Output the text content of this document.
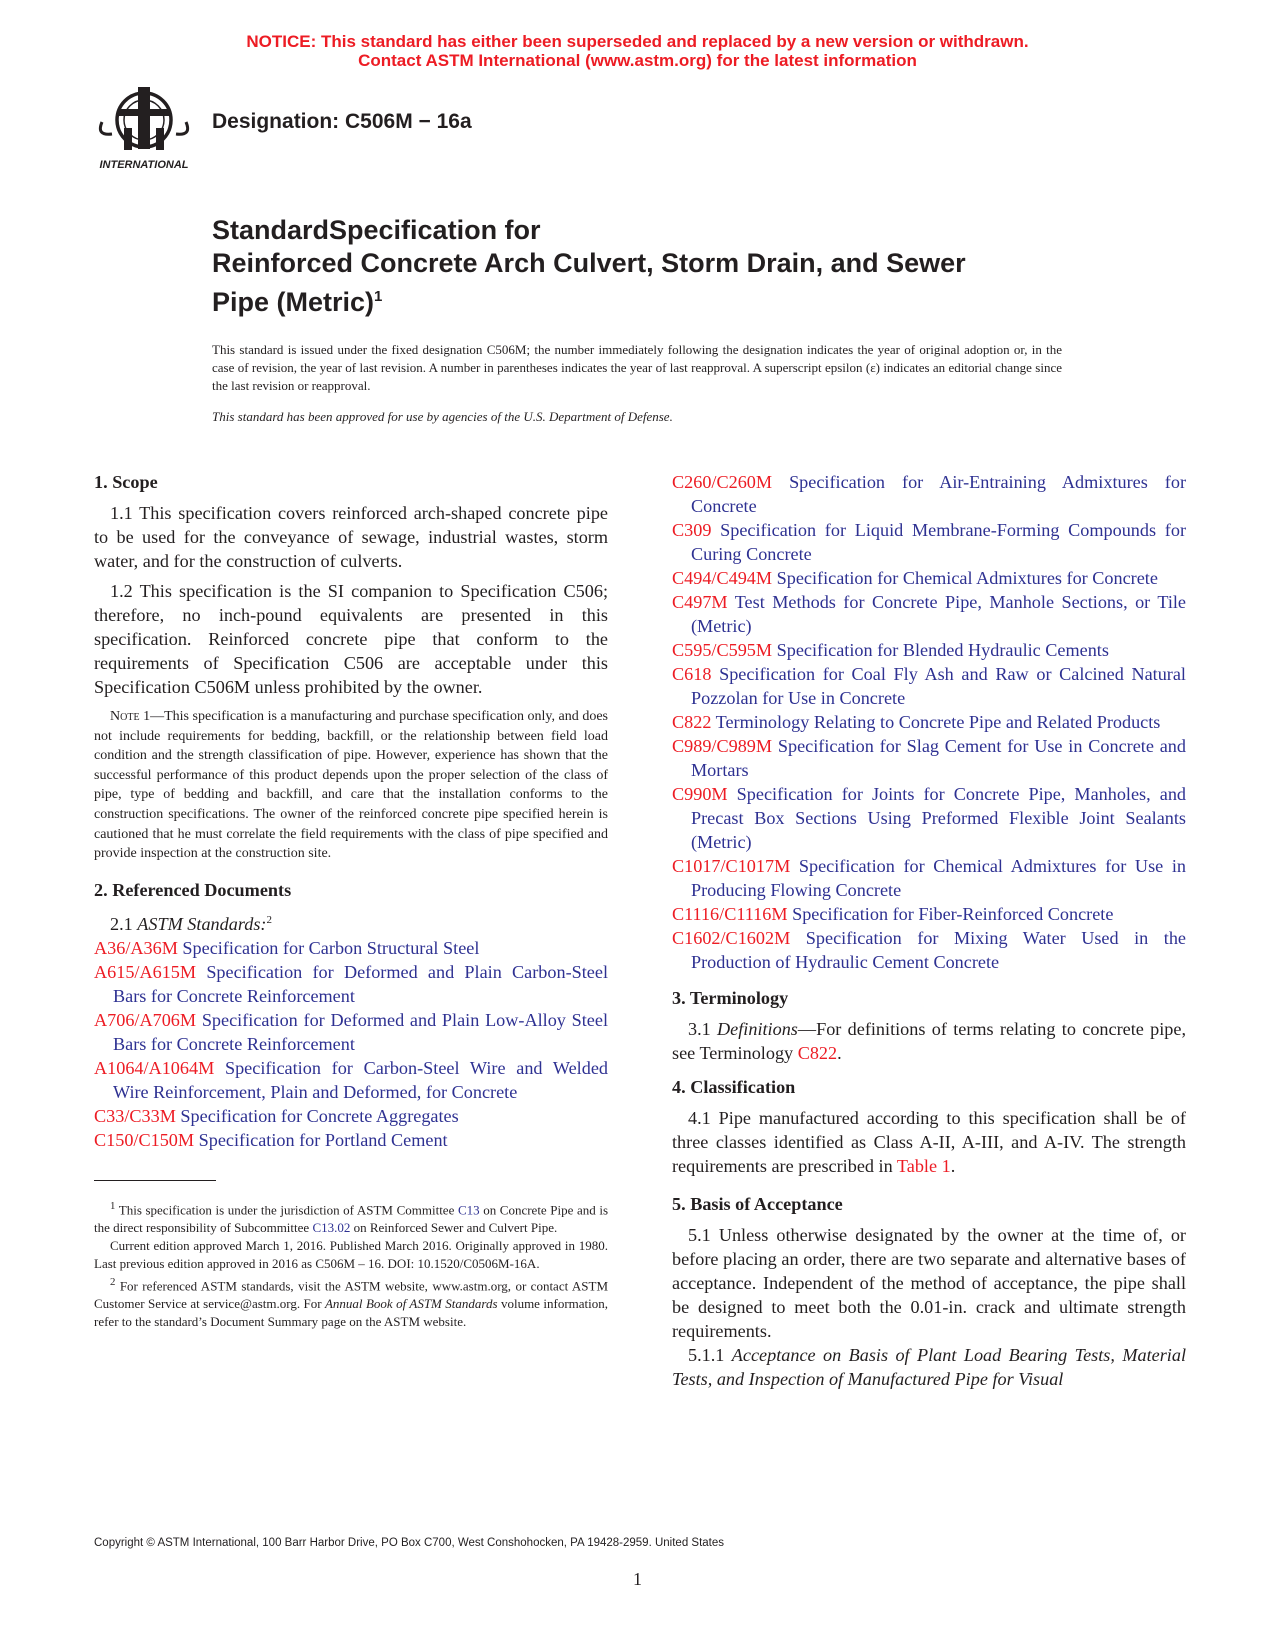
NOTICE: This standard has either been superseded and replaced by a new version or withdrawn.
Contact ASTM International (www.astm.org) for the latest information
INTERNATIONAL
Designation: C506M − 16a
StandardSpecification for
Reinforced Concrete Arch Culvert, Storm Drain, and Sewer
Pipe (Metric)$^1$
This standard is issued under the fixed designation C506M; the number immediately following the designation indicates the year of original adoption or, in the case of revision, the year of last revision. A number in parentheses indicates the year of last reapproval. A superscript epsilon (ε) indicates an editorial change since the last revision or reapproval.
This standard has been approved for use by agencies of the U.S. Department of Defense.

1. Scope

1.1 This specification covers reinforced arch-shaped concrete pipe to be used for the conveyance of sewage, industrial wastes, storm water, and for the construction of culverts.

1.2 This specification is the SI companion to Specification C506; therefore, no inch-pound equivalents are presented in this specification. Reinforced concrete pipe that conform to the requirements of Specification C506 are acceptable under this Specification C506M unless prohibited by the owner.

Note 1—This specification is a manufacturing and purchase specification only, and does not include requirements for bedding, backfill, or the relationship between field load condition and the strength classification of pipe. However, experience has shown that the successful performance of this product depends upon the proper selection of the class of pipe, type of bedding and backfill, and care that the installation conforms to the construction specifications. The owner of the reinforced concrete pipe specified herein is cautioned that he must correlate the field requirements with the class of pipe specified and provide inspection at the construction site.

2. Referenced Documents

2.1 ASTM Standards:$^2$

A36/A36M Specification for Carbon Structural Steel

A615/A615M Specification for Deformed and Plain Carbon-Steel Bars for Concrete Reinforcement

A706/A706M Specification for Deformed and Plain Low-Alloy Steel Bars for Concrete Reinforcement

A1064/A1064M Specification for Carbon-Steel Wire and Welded Wire Reinforcement, Plain and Deformed, for Concrete

C33/C33M Specification for Concrete Aggregates

C150/C150M Specification for Portland Cement

$^1$ This specification is under the jurisdiction of ASTM Committee C13 on Concrete Pipe and is the direct responsibility of Subcommittee C13.02 on Reinforced Sewer and Culvert Pipe.

Current edition approved March 1, 2016. Published March 2016. Originally approved in 1980. Last previous edition approved in 2016 as C506M – 16. DOI: 10.1520/C0506M-16A.

$^2$ For referenced ASTM standards, visit the ASTM website, www.astm.org, or contact ASTM Customer Service at service@astm.org. For Annual Book of ASTM Standards volume information, refer to the standard’s Document Summary page on the ASTM website.

C260/C260M Specification for Air-Entraining Admixtures for Concrete

C309 Specification for Liquid Membrane-Forming Compounds for Curing Concrete

C494/C494M Specification for Chemical Admixtures for Concrete

C497M Test Methods for Concrete Pipe, Manhole Sections, or Tile (Metric)

C595/C595M Specification for Blended Hydraulic Cements

C618 Specification for Coal Fly Ash and Raw or Calcined Natural Pozzolan for Use in Concrete

C822 Terminology Relating to Concrete Pipe and Related Products

C989/C989M Specification for Slag Cement for Use in Concrete and Mortars

C990M Specification for Joints for Concrete Pipe, Manholes, and Precast Box Sections Using Preformed Flexible Joint Sealants (Metric)

C1017/C1017M Specification for Chemical Admixtures for Use in Producing Flowing Concrete

C1116/C1116M Specification for Fiber-Reinforced Concrete

C1602/C1602M Specification for Mixing Water Used in the Production of Hydraulic Cement Concrete

3. Terminology

3.1 Definitions—For definitions of terms relating to concrete pipe, see Terminology C822.

4. Classification

4.1 Pipe manufactured according to this specification shall be of three classes identified as Class A-II, A-III, and A-IV. The strength requirements are prescribed in Table 1.

5. Basis of Acceptance

5.1 Unless otherwise designated by the owner at the time of, or before placing an order, there are two separate and alternative bases of acceptance. Independent of the method of acceptance, the pipe shall be designed to meet both the 0.01-in. crack and ultimate strength requirements.

5.1.1 Acceptance on Basis of Plant Load Bearing Tests, Material Tests, and Inspection of Manufactured Pipe for Visual

Copyright © ASTM International, 100 Barr Harbor Drive, PO Box C700, West Conshohocken, PA 19428-2959. United States
1
